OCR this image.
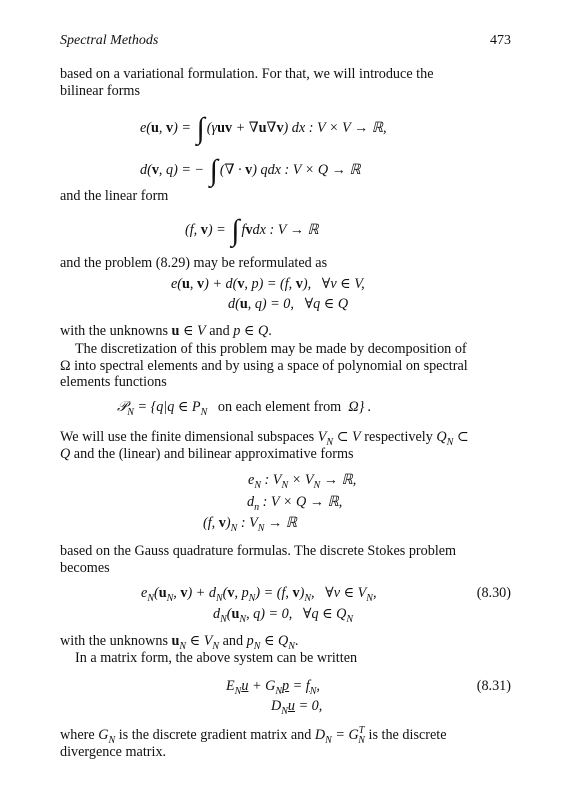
Spectral Methods	473
based on a variational formulation. For that, we will introduce the
bilinear forms
e(u, v) = ∫ (γuv + ∇u∇v) dx : V × V → ℝ,
d(v, q) = − ∫ (∇ · v) qdx : V × Q → ℝ
and the linear form
(f, v) = ∫ fvdx : V → ℝ
and the problem (8.29) may be reformulated as
e(u, v) + d(v, p) = (f, v),   ∀v ∈ V,
d(u, q) = 0,   ∀q ∈ Q
with the unknowns u ∈ V and p ∈ Q.
The discretization of this problem may be made by decomposition of
Ω into spectral elements and by using a space of polynomial on spectral
elements functions
𝒫$_N$ = {q|q ∈ $P_N$ on each element from  Ω} .
We will use the finite dimensional subspaces $V_N$ ⊂ V respectively $Q_N$ ⊂
Q and the (linear) and bilinear approximative forms
$e_N$ : $V_N \times V_N$ → ℝ,
$d_n$ : V × Q → ℝ,
(f, $v)_N$ : $V_N$ → ℝ
based on the Gauss quadrature formulas. The discrete Stokes problem
becomes
$e_N(u_N$, $v) + d_N(v$, $p_N) = (f$, $v)_N$,   ∀v ∈ $V_N$,	(8.30)
$d_N(u_N$, q) = 0,   ∀q ∈ $Q_N$
with the unknowns $u_N$ ∈ $V_N$ and $p_N$ ∈ $Q_N$.
In a matrix form, the above system can be written
$E_Nu + G_Np = f_N$,	(8.31)
$D_Nu = 0$,
where $G_N$ is the discrete gradient matrix and $D_N = G^T_N$ is the discrete
divergence matrix.
